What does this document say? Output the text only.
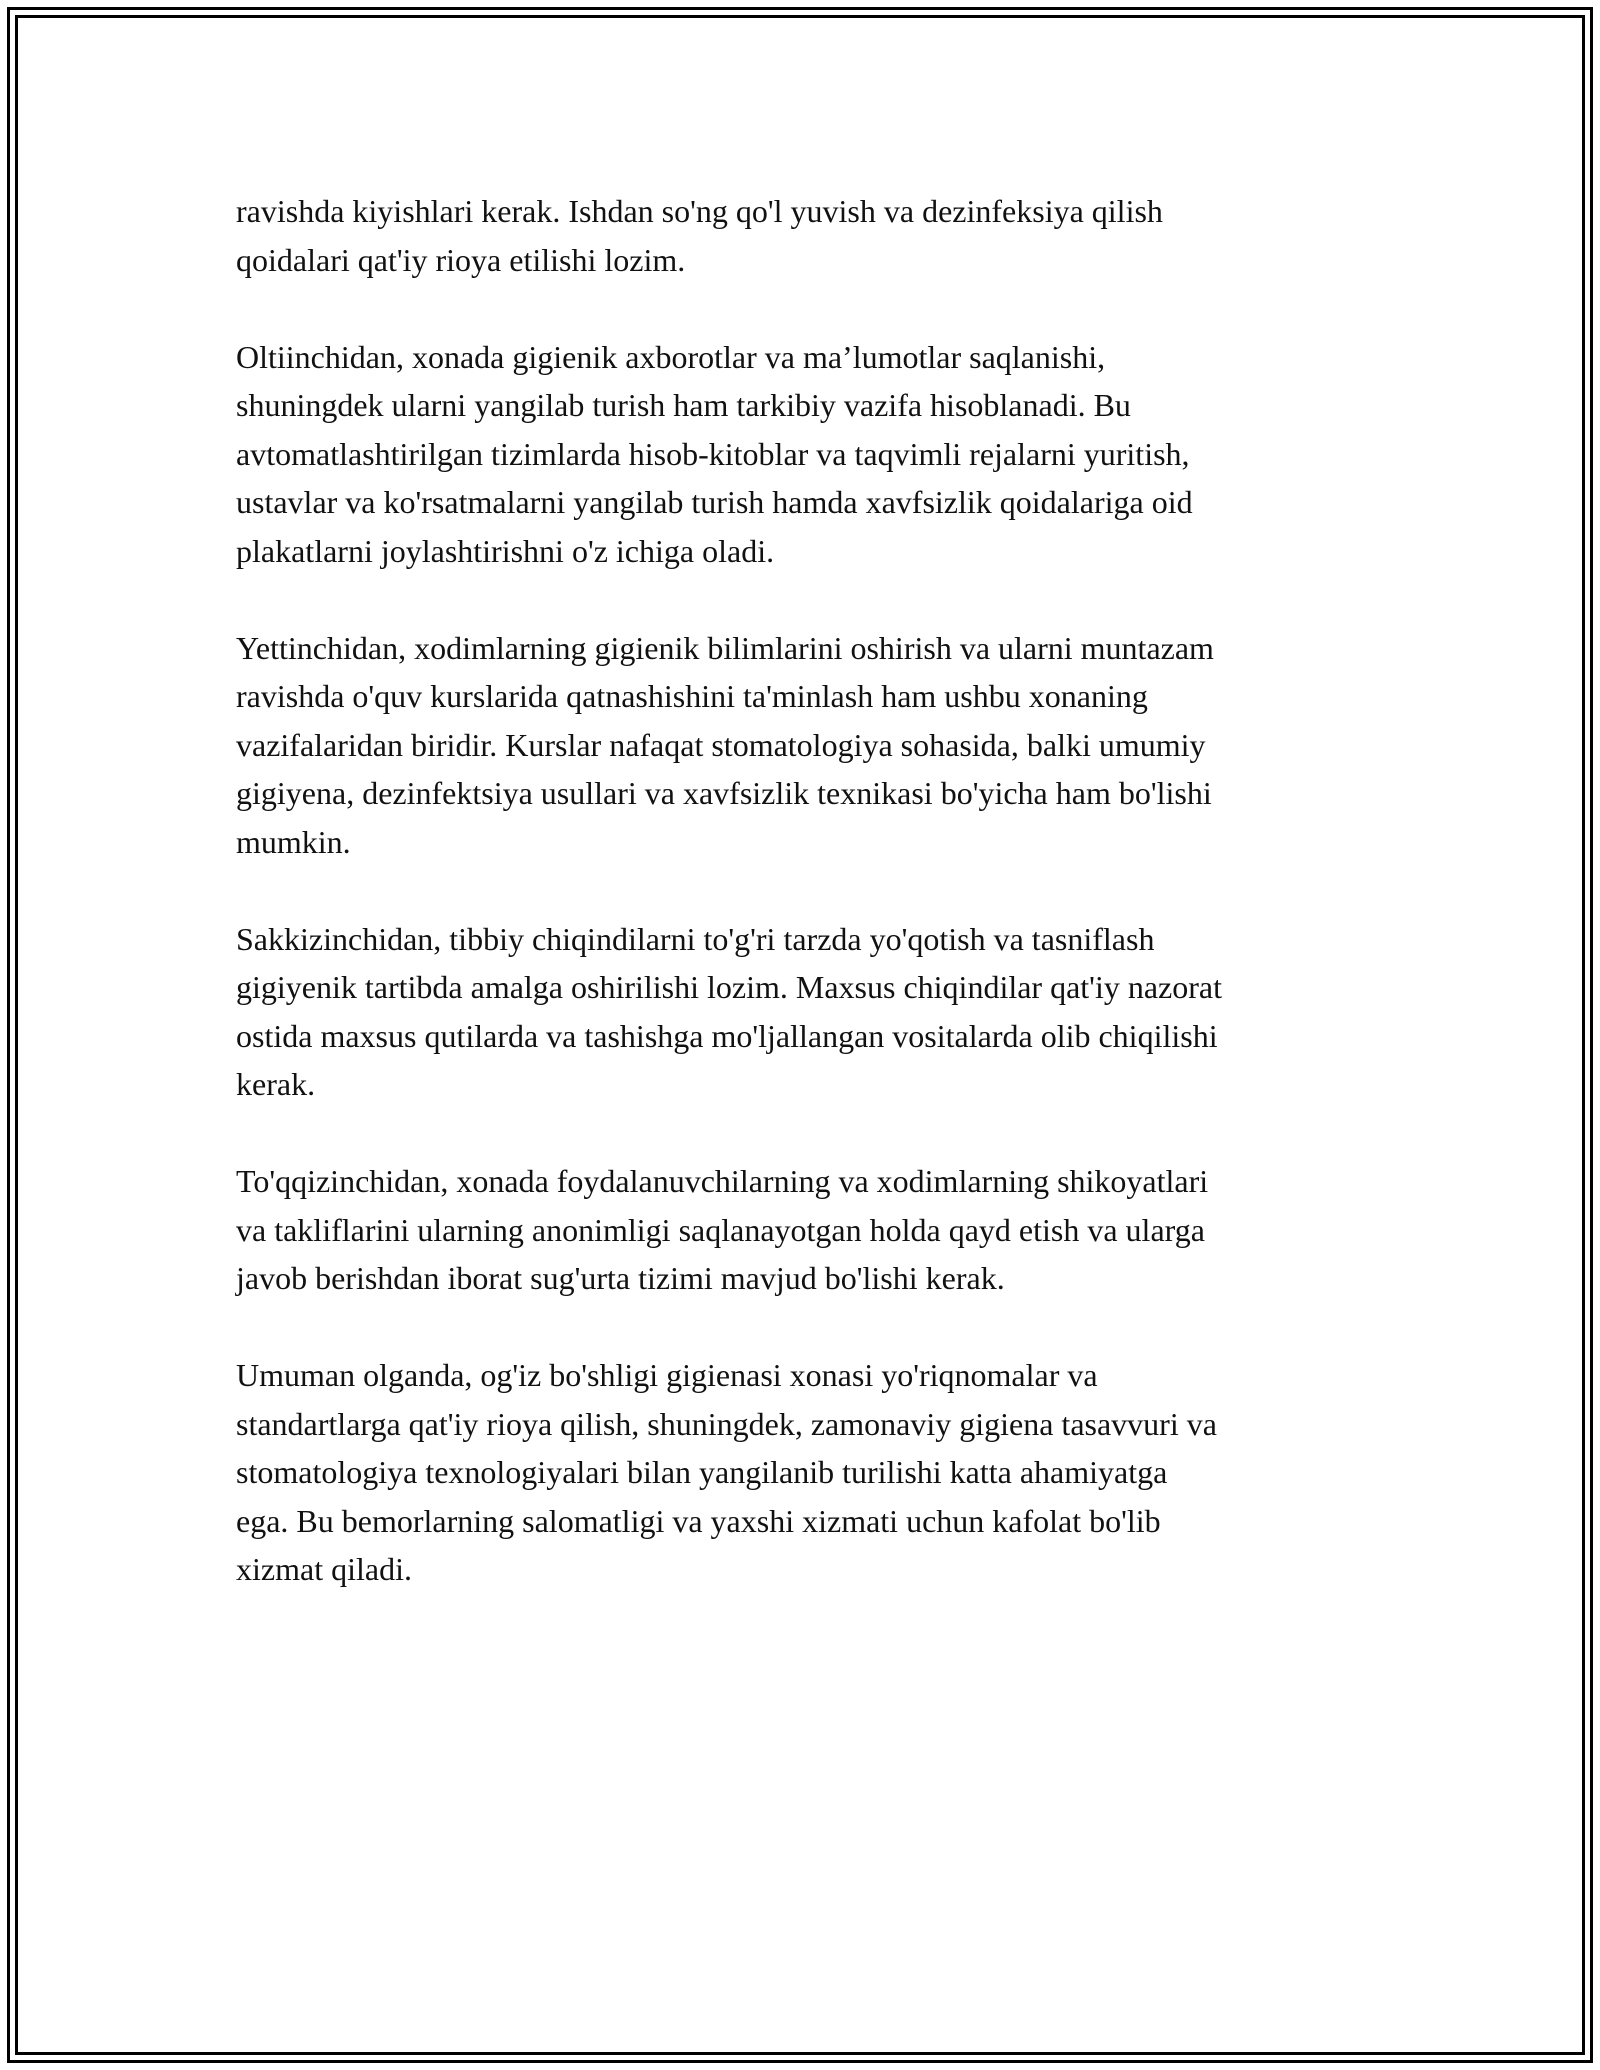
ravishda kiyishlari kerak. Ishdan so'ng qo'l yuvish va dezinfeksiya qilish
qoidalari qat'iy rioya etilishi lozim.

Oltiinchidan, xonada gigienik axborotlar va ma’lumotlar saqlanishi,
shuningdek ularni yangilab turish ham tarkibiy vazifa hisoblanadi. Bu
avtomatlashtirilgan tizimlarda hisob-kitoblar va taqvimli rejalarni yuritish,
ustavlar va ko'rsatmalarni yangilab turish hamda xavfsizlik qoidalariga oid
plakatlarni joylashtirishni o'z ichiga oladi.

Yettinchidan, xodimlarning gigienik bilimlarini oshirish va ularni muntazam
ravishda o'quv kurslarida qatnashishini ta'minlash ham ushbu xonaning
vazifalaridan biridir. Kurslar nafaqat stomatologiya sohasida, balki umumiy
gigiyena, dezinfektsiya usullari va xavfsizlik texnikasi bo'yicha ham bo'lishi
mumkin.

Sakkizinchidan, tibbiy chiqindilarni to'g'ri tarzda yo'qotish va tasniflash
gigiyenik tartibda amalga oshirilishi lozim. Maxsus chiqindilar qat'iy nazorat
ostida maxsus qutilarda va tashishga mo'ljallangan vositalarda olib chiqilishi
kerak.

To'qqizinchidan, xonada foydalanuvchilarning va xodimlarning shikoyatlari
va takliflarini ularning anonimligi saqlanayotgan holda qayd etish va ularga
javob berishdan iborat sug'urta tizimi mavjud bo'lishi kerak.

Umuman olganda, og'iz bo'shligi gigienasi xonasi yo'riqnomalar va
standartlarga qat'iy rioya qilish, shuningdek, zamonaviy gigiena tasavvuri va
stomatologiya texnologiyalari bilan yangilanib turilishi katta ahamiyatga
ega. Bu bemorlarning salomatligi va yaxshi xizmati uchun kafolat bo'lib
xizmat qiladi.
